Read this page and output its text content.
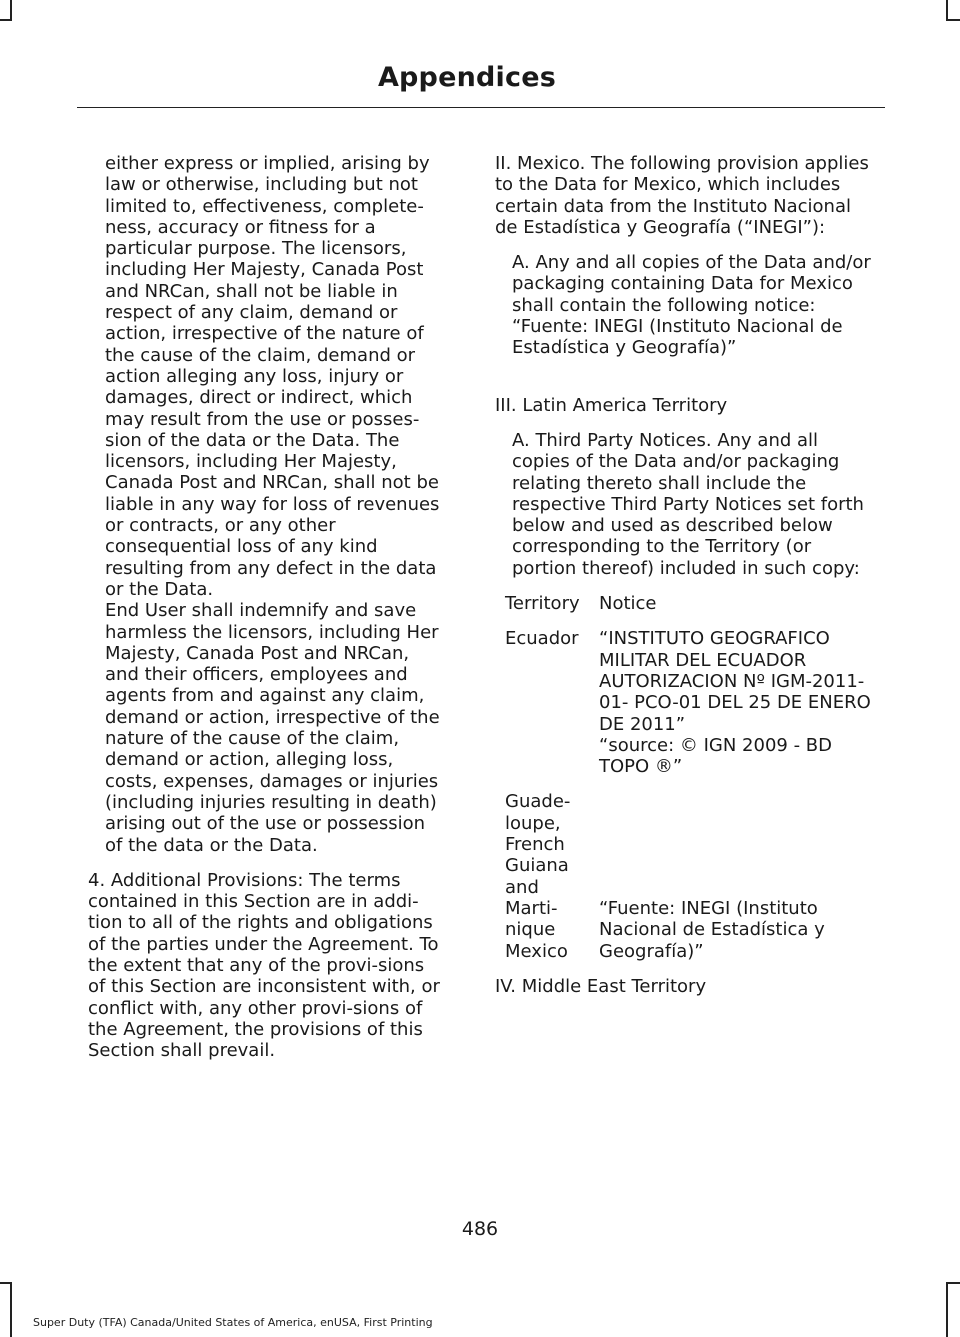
Appendices

either express or implied, arising by law or otherwise, including but not limited to, effectiveness, complete-ness, accuracy or fitness for a particular purpose. The licensors, including Her Majesty, Canada Post and NRCan, shall not be liable in respect of any claim, demand or action, irrespective of the nature of the cause of the claim, demand or action alleging any loss, injury or damages, direct or indirect, which may result from the use or posses-sion of the data or the Data. The licensors, including Her Majesty, Canada Post and NRCan, shall not be liable in any way for loss of revenues or contracts, or any other consequential loss of any kind resulting from any defect in the data or the Data.

End User shall indemnify and save harmless the licensors, including Her Majesty, Canada Post and NRCan, and their officers, employees and agents from and against any claim, demand or action, irrespective of the nature of the cause of the claim, demand or action, alleging loss, costs, expenses, damages or injuries (including injuries resulting in death) arising out of the use or possession of the data or the Data.

4. Additional Provisions: The terms contained in this Section are in addi-tion to all of the rights and obligations of the parties under the Agreement. To the extent that any of the provi-sions of this Section are inconsistent with, or conflict with, any other provi-sions of the Agreement, the provisions of this Section shall prevail.

II. Mexico. The following provision applies to the Data for Mexico, which includes certain data from the Instituto Nacional de Estadística y Geografía (“INEGI”):

A. Any and all copies of the Data and/or packaging containing Data for Mexico shall contain the following notice: “Fuente: INEGI (Instituto Nacional de Estadística y Geografía)”

III. Latin America Territory

A. Third Party Notices. Any and all copies of the Data and/or packaging relating thereto shall include the respective Third Party Notices set forth below and used as described below corresponding to the Territory (or portion thereof) included in such copy:

Territory	Notice
Ecuador	“INSTITUTO GEOGRAFICO MILITAR DEL ECUADOR AUTORIZACION Nº IGM-2011-01- PCO-01 DEL 25 DE ENERO DE 2011”

“source: © IGN 2009 - BD TOPO ®”

Guade-loupe, French Guiana and Marti-nique Mexico
“Fuente: INEGI (Instituto Nacional de Estadística y Geografía)”

IV. Middle East Territory

486
Super Duty (TFA) Canada/United States of America, enUSA, First Printing
